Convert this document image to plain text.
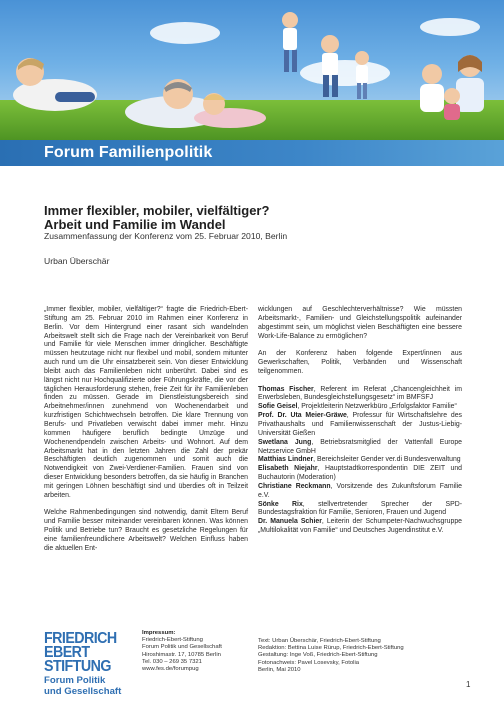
Forum Familienpolitik
Immer flexibler, mobiler, vielfältiger?
Arbeit und Familie im Wandel
Zusammenfassung der Konferenz vom 25. Februar 2010, Berlin
Urban Überschär

„Immer flexibler, mobiler, vielfältiger?“ fragte die Friedrich-Ebert-Stiftung am 25. Februar 2010 im Rahmen einer Konferenz in Berlin. Vor dem Hintergrund einer rasant sich wandelnden Arbeitswelt stellt sich die Frage nach der Vereinbarkeit von Beruf und Familie für viele Menschen immer dringlicher. Beschäftigte müssen heutzutage nicht nur flexibel und mobil, sondern mitunter auch rund um die Uhr einsatzbereit sein. Von dieser Entwicklung bleibt auch das Familienleben nicht unberührt. Dabei sind es längst nicht nur Hochqualifizierte oder Führungskräfte, die vor der täglichen Herausforderung stehen, freie Zeit für ihr Familienleben finden zu müssen. Gerade im Dienstleistungsbereich sind Arbeitnehmer/innen zunehmend von Wochenendarbeit und kurzfristigen Schichtwechseln betroffen. Die klare Trennung von Berufs- und Privatleben verwischt dabei immer mehr. Hinzu kommen häufigere beruflich bedingte Umzüge und Wochenendpendeln zwischen Arbeits- und Wohnort. Auf dem Arbeitsmarkt hat in den letzten Jahren die Zahl der prekär Beschäftigten deutlich zugenommen und somit auch die Notwendigkeit von Zwei-Verdiener-Familien. Frauen sind von dieser Entwicklung besonders betroffen, da sie häufig in Branchen mit geringen Löhnen beschäftigt sind und überdies oft in Teilzeit arbeiten.

Welche Rahmenbedingungen sind notwendig, damit Eltern Beruf und Familie besser miteinander vereinbaren können. Was können Politik und Betriebe tun? Braucht es gesetzliche Regelungen für eine familienfreundlichere Arbeitswelt? Welchen Einfluss haben die aktuellen Ent-

wicklungen auf Geschlechterverhältnisse? Wie müssten Arbeitsmarkt-, Familien- und Gleichstellungspolitik aufeinander abgestimmt sein, um möglichst vielen Beschäftigten eine bessere Work-Life-Balance zu ermöglichen?

An der Konferenz haben folgende Expert/innen aus Gewerkschaften, Politik, Verbänden und Wissenschaft teilgenommen.

Thomas Fischer, Referent im Referat „Chancengleichheit im Erwerbsleben, Bundesgleichstellungsgesetz“ im BMFSFJ

Sofie Geisel, Projektleiterin Netzwerkbüro „Erfolgsfaktor Familie“

Prof. Dr. Uta Meier-Gräwe, Professur für Wirtschaftslehre des Privathaushalts und Familienwissenschaft der Justus-Liebig-Universität Gießen

Swetlana Jung, Betriebsratsmitglied der Vattenfall Europe Netzservice GmbH

Matthias Lindner, Bereichsleiter Gender ver.di Bundesverwaltung

Elisabeth Niejahr, Hauptstadtkorrespondentin DIE ZEIT und Buchautorin (Moderation)

Christiane Reckmann, Vorsitzende des Zukunftsforum Familie e.V.

Sönke Rix, stellvertretender Sprecher der SPD-Bundestagsfraktion für Familie, Senioren, Frauen und Jugend

Dr. Manuela Schier, Leiterin der Schumpeter-Nachwuchsgruppe „Multilokalität von Familie“ und Deutsches Jugendinstitut e.V.

FRIEDRICH
EBERT
STIFTUNG
Forum Politik
und Gesellschaft
Impressum:
Friedrich-Ebert-Stiftung
Forum Politik und Gesellschaft
Hiroshimastr. 17, 10785 Berlin
Tel. 030 – 269 35 7321
www.fes.de/forumpug
Text: Urban Überschär, Friedrich-Ebert-Stiftung
Redaktion: Bettina Luise Rürup, Friedrich-Ebert-Stiftung
Gestaltung: Inge Voß, Friedrich-Ebert-Stiftung
Fotonachweis: Pavel Losevsky, Fotolia
Berlin, Mai 2010
1
